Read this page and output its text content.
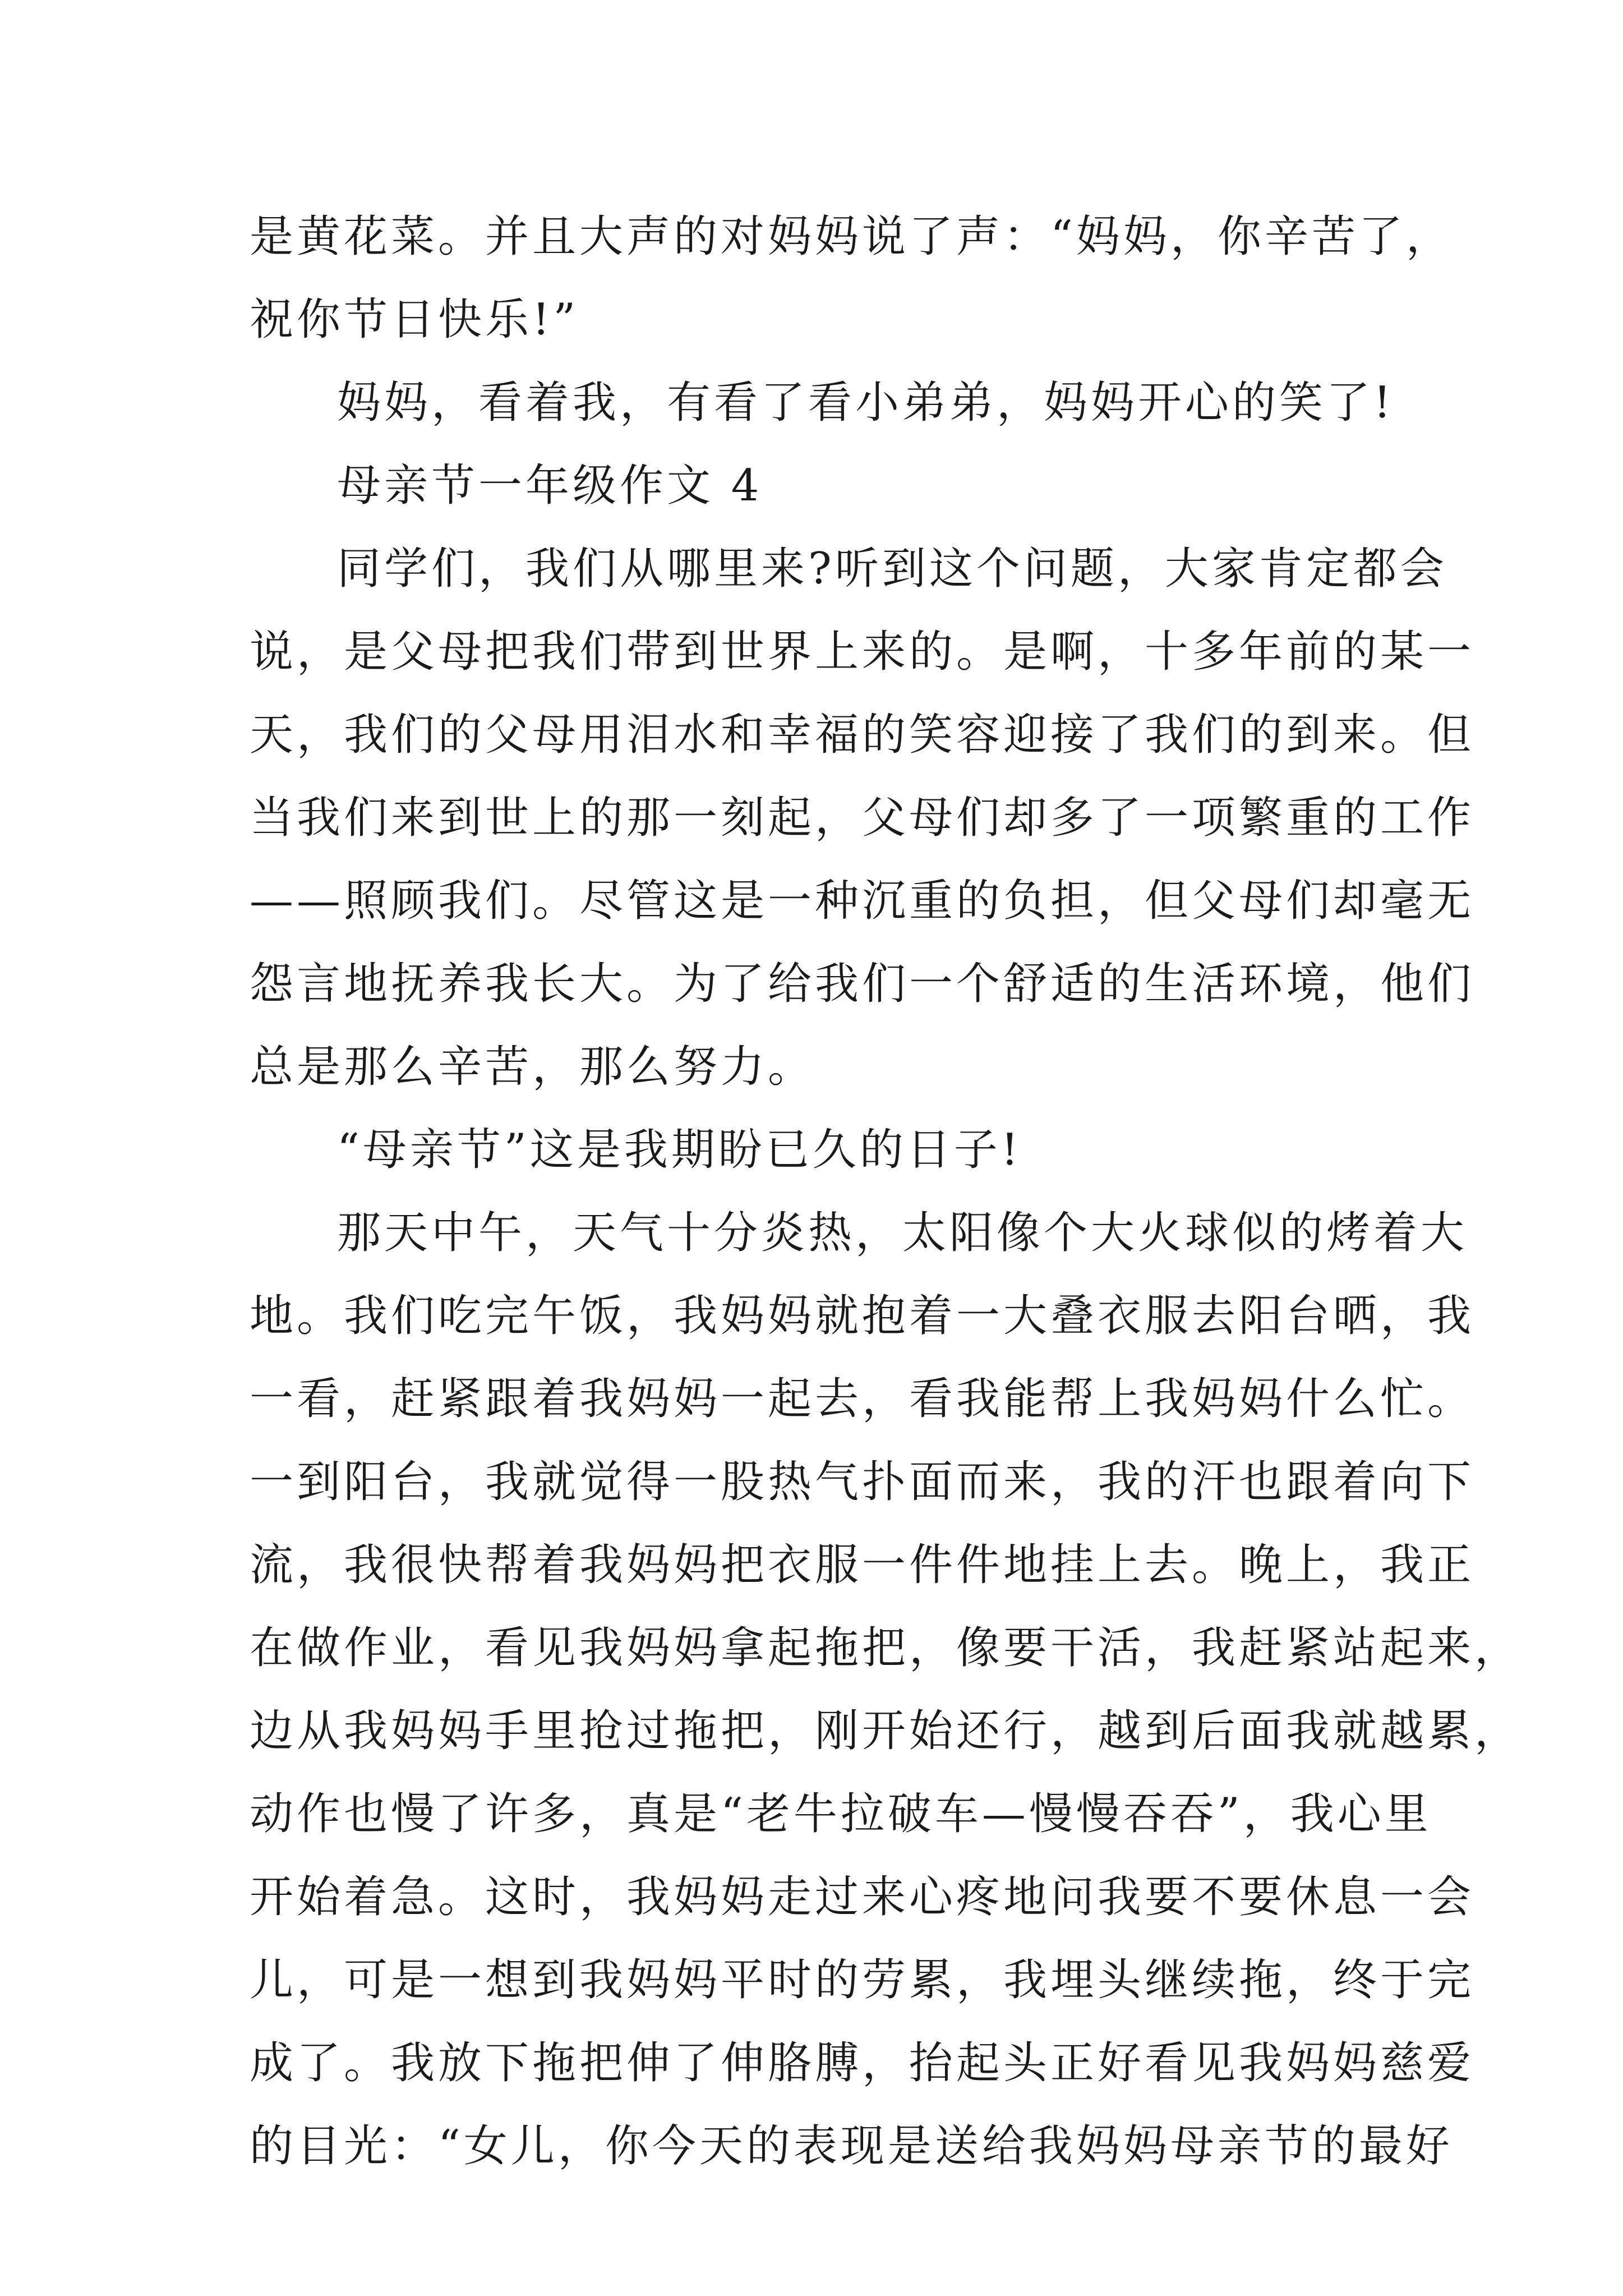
是黄花菜。并且大声的对妈妈说了声：“妈妈，你辛苦了，
祝你节日快乐!”
妈妈，看着我，有看了看小弟弟，妈妈开心的笑了!
母亲节一年级作文 4
同学们，我们从哪里来?听到这个问题，大家肯定都会
说，是父母把我们带到世界上来的。是啊，十多年前的某一
天，我们的父母用泪水和幸福的笑容迎接了我们的到来。但
当我们来到世上的那一刻起，父母们却多了一项繁重的工作
——照顾我们。尽管这是一种沉重的负担，但父母们却毫无
怨言地抚养我长大。为了给我们一个舒适的生活环境，他们
总是那么辛苦，那么努力。
“母亲节”这是我期盼已久的日子!
那天中午，天气十分炎热，太阳像个大火球似的烤着大
地。我们吃完午饭，我妈妈就抱着一大叠衣服去阳台晒，我
一看，赶紧跟着我妈妈一起去，看我能帮上我妈妈什么忙。
一到阳台，我就觉得一股热气扑面而来，我的汗也跟着向下
流，我很快帮着我妈妈把衣服一件件地挂上去。晚上，我正
在做作业，看见我妈妈拿起拖把，像要干活，我赶紧站起来，
边从我妈妈手里抢过拖把，刚开始还行，越到后面我就越累，
动作也慢了许多，真是“老牛拉破车—慢慢吞吞”，我心里
开始着急。这时，我妈妈走过来心疼地问我要不要休息一会
儿，可是一想到我妈妈平时的劳累，我埋头继续拖，终于完
成了。我放下拖把伸了伸胳膊，抬起头正好看见我妈妈慈爱
的目光：“女儿，你今天的表现是送给我妈妈母亲节的最好
